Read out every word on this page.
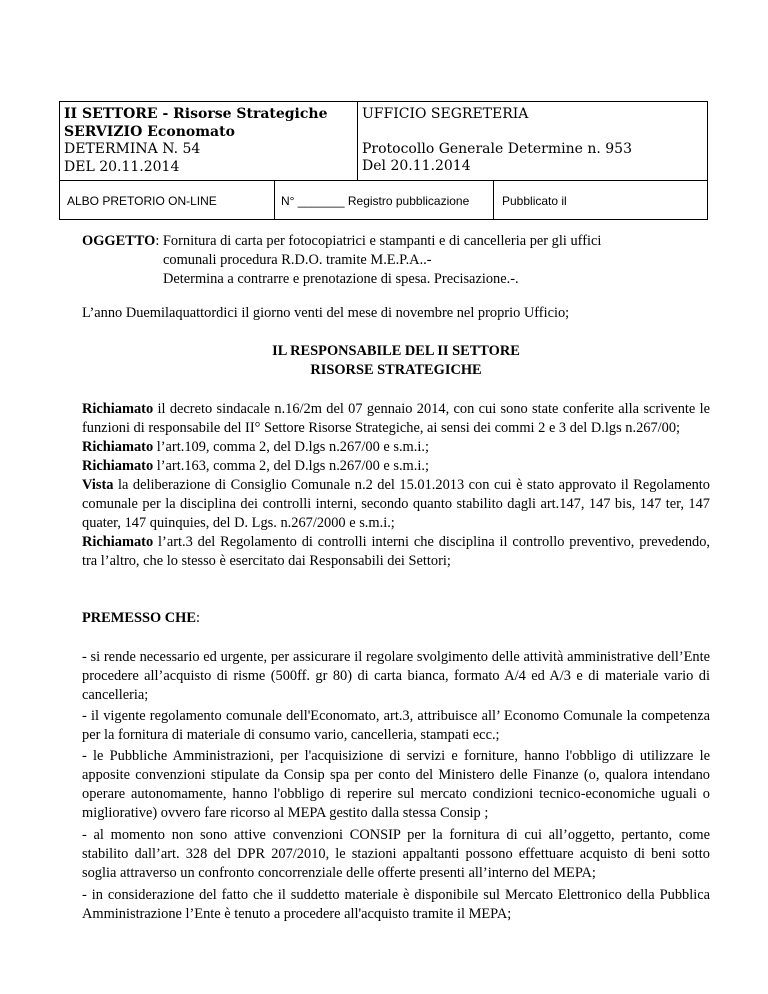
II SETTORE - Risorse Strategiche
SERVIZIO Economato
DETERMINA N. 54
DEL 20.11.2014
UFFICIO SEGRETERIA
Protocollo Generale Determine n. 953
Del 20.11.2014
ALBO PRETORIO ON-LINE	N° _______ Registro pubblicazione	Pubblicato il
OGGETTO: Fornitura di carta per fotocopiatrici e stampanti e di cancelleria per gli uffici
comunali procedura R.D.O. tramite M.E.P.A..-
Determina a contrarre e prenotazione di spesa. Precisazione.-.
L’anno Duemilaquattordici il giorno venti del mese di novembre nel proprio Ufficio;
IL RESPONSABILE DEL II SETTORE
RISORSE STRATEGICHE

Richiamato il decreto sindacale n.16/2m del 07 gennaio 2014, con cui sono state conferite alla scrivente le funzioni di responsabile del II° Settore Risorse Strategiche, ai sensi dei commi 2 e 3 del D.lgs n.267/00;

Richiamato l’art.109, comma 2, del D.lgs n.267/00 e s.m.i.;

Richiamato l’art.163, comma 2, del D.lgs n.267/00 e s.m.i.;

Vista la deliberazione di Consiglio Comunale n.2 del 15.01.2013 con cui è stato approvato il Regolamento comunale per la disciplina dei controlli interni, secondo quanto stabilito dagli art.147, 147 bis, 147 ter, 147 quater, 147 quinquies, del D. Lgs. n.267/2000 e s.m.i.;

Richiamato l’art.3 del Regolamento di controlli interni che disciplina il controllo preventivo, prevedendo, tra l’altro, che lo stesso è esercitato dai Responsabili dei Settori;

PREMESSO CHE:
- si rende necessario ed urgente, per assicurare il regolare svolgimento delle attività amministrative dell’Ente procedere all’acquisto di risme (500ff. gr 80) di carta bianca, formato A/4 ed A/3 e di materiale vario di cancelleria;
- il vigente regolamento comunale dell'Economato, art.3, attribuisce all’ Economo Comunale la competenza per la fornitura di materiale di consumo vario, cancelleria, stampati ecc.;
- le Pubbliche Amministrazioni, per l'acquisizione di servizi e forniture, hanno l'obbligo di utilizzare le apposite convenzioni stipulate da Consip spa per conto del Ministero delle Finanze (o, qualora intendano operare autonomamente, hanno l'obbligo di reperire sul mercato condizioni tecnico-economiche uguali o migliorative) ovvero fare ricorso al MEPA gestito dalla stessa Consip ;
- al momento non sono attive convenzioni CONSIP per la fornitura di cui all’oggetto, pertanto, come stabilito dall’art. 328 del DPR 207/2010, le stazioni appaltanti possono effettuare acquisto di beni sotto soglia attraverso un confronto concorrenziale delle offerte presenti all’interno del MEPA;
- in considerazione del fatto che il suddetto materiale è disponibile sul Mercato Elettronico della Pubblica Amministrazione l’Ente è tenuto a procedere all'acquisto tramite il MEPA;
